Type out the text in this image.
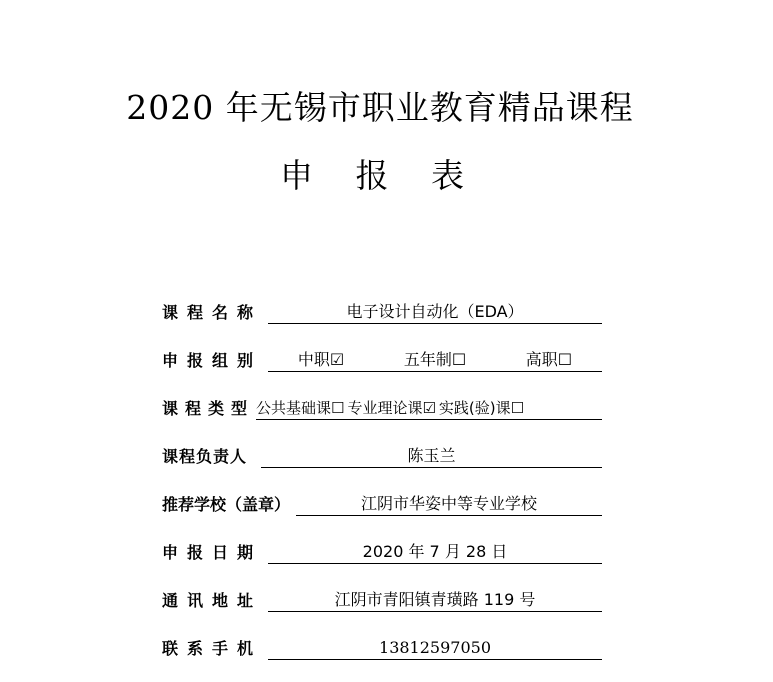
2020 年无锡市职业教育精品课程
申 报 表
课程名称	电子设计自动化（EDA）
申报组别 中职☑	五年制☐	高职☐
课程类型 公共基础课☐ 专业理论课☑ 实践(验)课☐
课程负责人	陈玉兰
推荐学校（盖章）	江阴市华姿中等专业学校
申报日期	2020 年 7 月 28 日
通讯地址	江阴市青阳镇青璜路 119 号
联系手机	13812597050
